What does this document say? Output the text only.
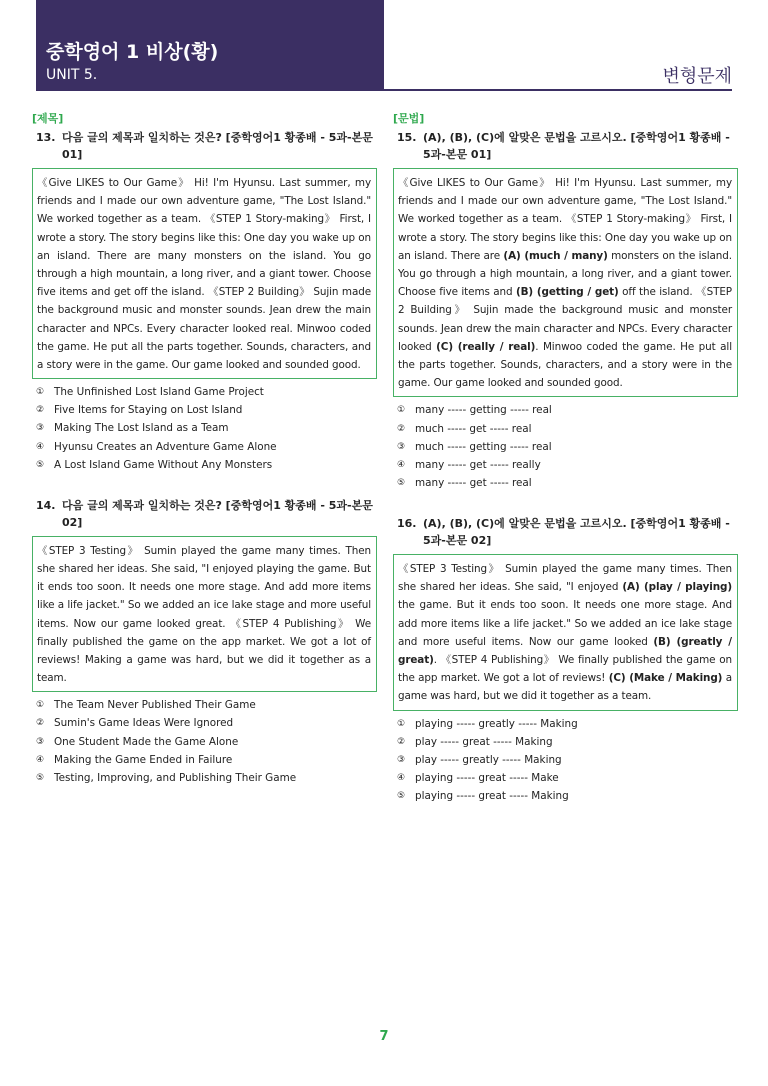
중학영어 1 비상(황)
UNIT 5.	변형문제
[제목]
13. 다음 글의 제목과 일치하는 것은? [중학영어1 황종배 - 5과-본문 01]
《Give LIKES to Our Game》 Hi! I'm Hyunsu. Last summer, my friends and I made our own adventure game, "The Lost Island." We worked together as a team. 《STEP 1 Story-making》 First, I wrote a story. The story begins like this: One day you wake up on an island. There are many monsters on the island. You go through a high mountain, a long river, and a giant tower. Choose five items and get off the island. 《STEP 2 Building》 Sujin made the background music and monster sounds. Jean drew the main character and NPCs. Every character looked real. Minwoo coded the game. He put all the parts together. Sounds, characters, and a story were in the game. Our game looked and sounded good.
① The Unfinished Lost Island Game Project
② Five Items for Staying on Lost Island
③ Making The Lost Island as a Team
④ Hyunsu Creates an Adventure Game Alone
⑤ A Lost Island Game Without Any Monsters
14. 다음 글의 제목과 일치하는 것은? [중학영어1 황종배 - 5과-본문 02]
《STEP 3 Testing》 Sumin played the game many times. Then she shared her ideas. She said, "I enjoyed playing the game. But it ends too soon. It needs one more stage. And add more items like a life jacket." So we added an ice lake stage and more useful items. Now our game looked great. 《STEP 4 Publishing》 We finally published the game on the app market. We got a lot of reviews! Making a game was hard, but we did it together as a team.
① The Team Never Published Their Game
② Sumin's Game Ideas Were Ignored
③ One Student Made the Game Alone
④ Making the Game Ended in Failure
⑤ Testing, Improving, and Publishing Their Game
[문법]
15. (A), (B), (C)에 알맞은 문법을 고르시오. [중학영어1 황종배 - 5과-본문 01]
《Give LIKES to Our Game》 Hi! I'm Hyunsu. Last summer, my friends and I made our own adventure game, "The Lost Island." We worked together as a team. 《STEP 1 Story-making》 First, I wrote a story. The story begins like this: One day you wake up on an island. There are (A) (much / many) monsters on the island. You go through a high mountain, a long river, and a giant tower. Choose five items and (B) (getting / get) off the island. 《STEP 2 Building》 Sujin made the background music and monster sounds. Jean drew the main character and NPCs. Every character looked (C) (really / real). Minwoo coded the game. He put all the parts together. Sounds, characters, and a story were in the game. Our game looked and sounded good.
① many ----- getting ----- real
② much ----- get ----- real
③ much ----- getting ----- real
④ many ----- get ----- really
⑤ many ----- get ----- real
16. (A), (B), (C)에 알맞은 문법을 고르시오. [중학영어1 황종배 - 5과-본문 02]
《STEP 3 Testing》 Sumin played the game many times. Then she shared her ideas. She said, "I enjoyed (A) (play / playing) the game. But it ends too soon. It needs one more stage. And add more items like a life jacket." So we added an ice lake stage and more useful items. Now our game looked (B) (greatly / great). 《STEP 4 Publishing》 We finally published the game on the app market. We got a lot of reviews! (C) (Make / Making) a game was hard, but we did it together as a team.
① playing ----- greatly ----- Making
② play ----- great ----- Making
③ play ----- greatly ----- Making
④ playing ----- great ----- Make
⑤ playing ----- great ----- Making
7
